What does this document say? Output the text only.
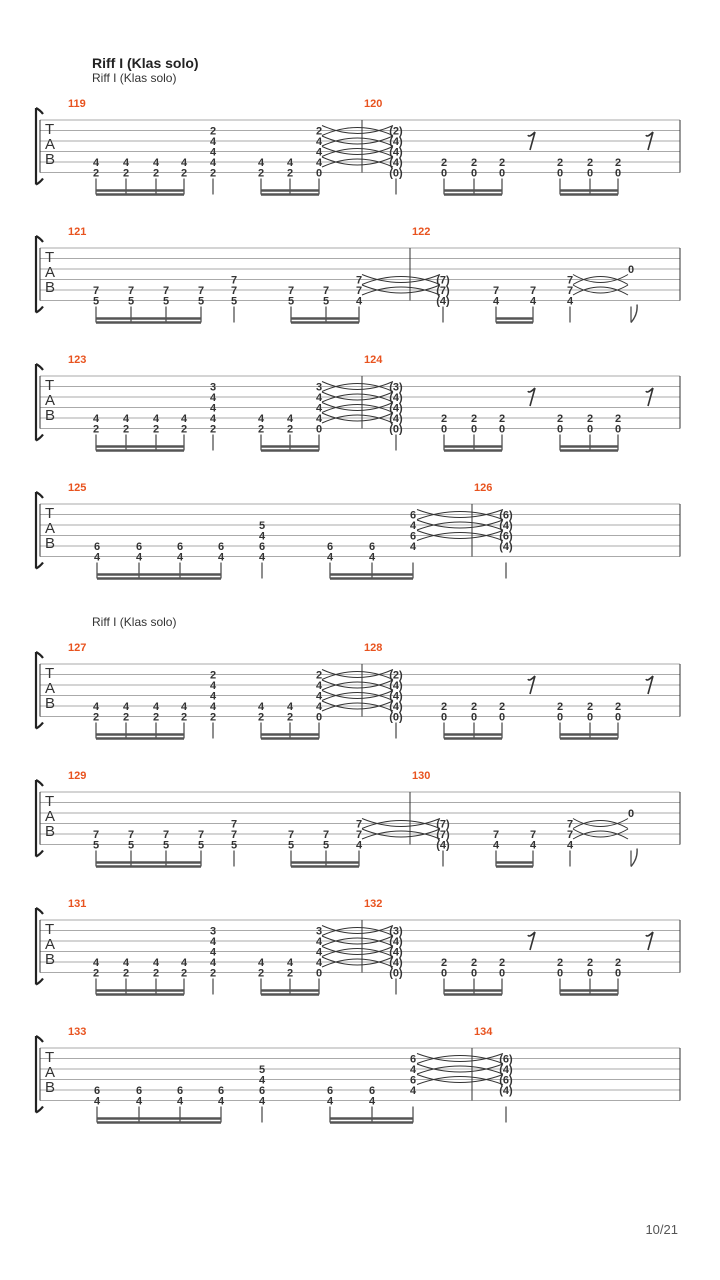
Riff I (Klas solo)
Riff I (Klas solo)
Riff I (Klas solo)
10/21
T
A
B
119
4
2
4
2
4
2
4
2
2
4
4
4
2
4
2
4
2
2
4
4
4
0
120
(2)
(4)
(4)
(4)
(0)
2
0
2
0
2
0
2
0
2
0
2
0
T
A
B
121
7
5
7
5
7
5
7
5
7
7
5
7
5
7
5
7
7
4
122
(7)
(7)
(4)
7
4
7
4
7
7
4
0
T
A
B
123
4
2
4
2
4
2
4
2
3
4
4
4
2
4
2
4
2
3
4
4
4
0
124
(3)
(4)
(4)
(4)
(0)
2
0
2
0
2
0
2
0
2
0
2
0
T
A
B
125
6
4
6
4
6
4
6
4
5
4
6
4
6
4
6
4
6
4
6
4
126
(6)
(4)
(6)
(4)
T
A
B
127
4
2
4
2
4
2
4
2
2
4
4
4
2
4
2
4
2
2
4
4
4
0
128
(2)
(4)
(4)
(4)
(0)
2
0
2
0
2
0
2
0
2
0
2
0
T
A
B
129
7
5
7
5
7
5
7
5
7
7
5
7
5
7
5
7
7
4
130
(7)
(7)
(4)
7
4
7
4
7
7
4
0
T
A
B
131
4
2
4
2
4
2
4
2
3
4
4
4
2
4
2
4
2
3
4
4
4
0
132
(3)
(4)
(4)
(4)
(0)
2
0
2
0
2
0
2
0
2
0
2
0
T
A
B
133
6
4
6
4
6
4
6
4
5
4
6
4
6
4
6
4
6
4
6
4
134
(6)
(4)
(6)
(4)
